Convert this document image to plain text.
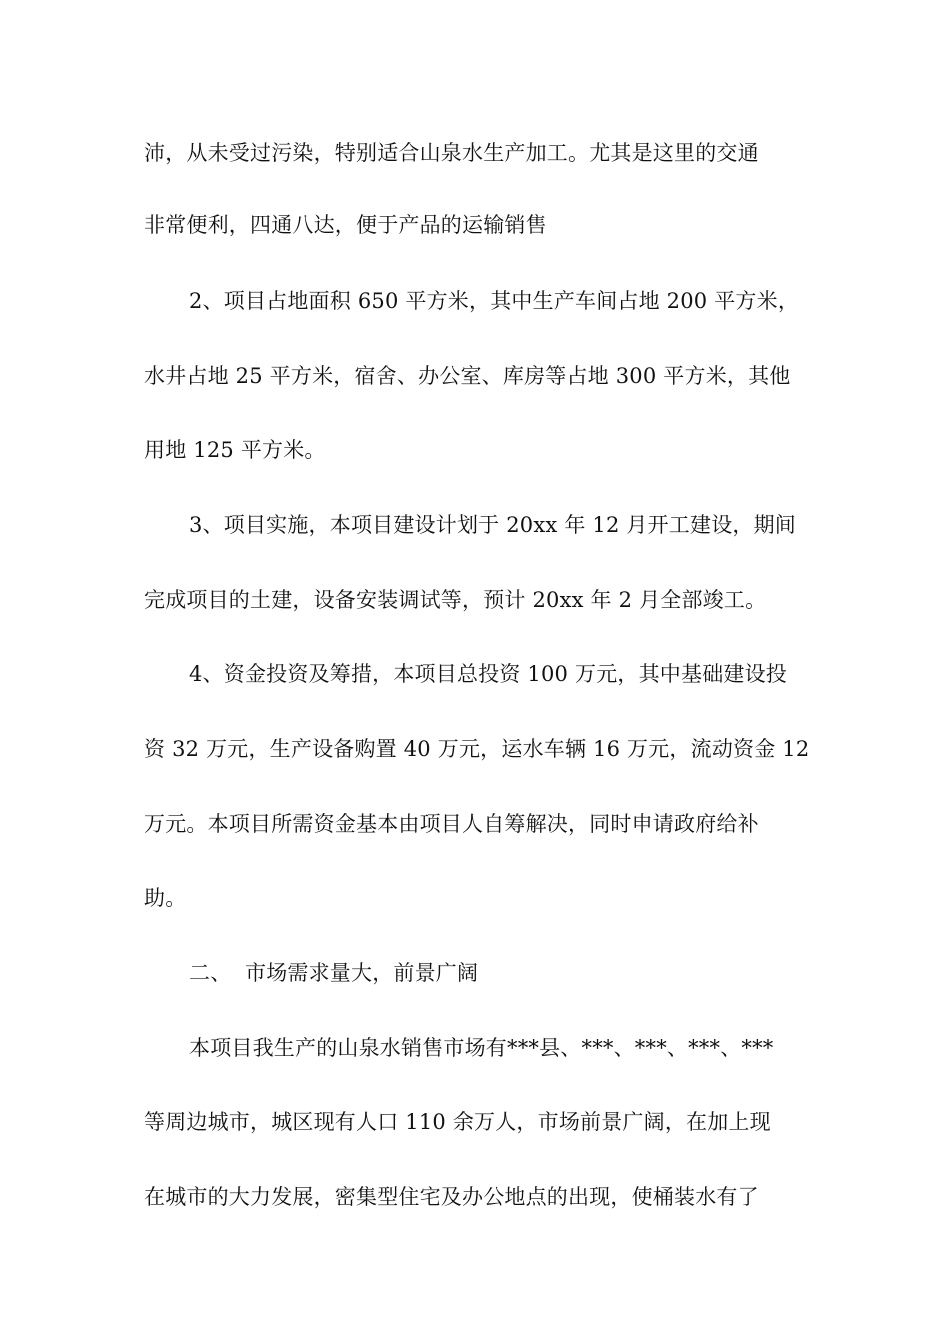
沛，从未受过污染，特别适合山泉水生产加工。尤其是这里的交通
非常便利，四通八达，便于产品的运输销售
2、项目占地面积 650 平方米，其中生产车间占地 200 平方米，
水井占地 25 平方米，宿舍、办公室、库房等占地 300 平方米，其他
用地 125 平方米。
3、项目实施，本项目建设计划于 20xx 年 12 月开工建设，期间
完成项目的土建，设备安装调试等，预计 20xx 年 2 月全部竣工。
4、资金投资及筹措，本项目总投资 100 万元，其中基础建设投
资 32 万元，生产设备购置 40 万元，运水车辆 16 万元，流动资金 12
万元。本项目所需资金基本由项目人自筹解决，同时申请政府给补
助。
二、 市场需求量大，前景广阔
本项目我生产的山泉水销售市场有***县、***、***、***、***
等周边城市，城区现有人口 110 余万人，市场前景广阔，在加上现
在城市的大力发展，密集型住宅及办公地点的出现，使桶装水有了
